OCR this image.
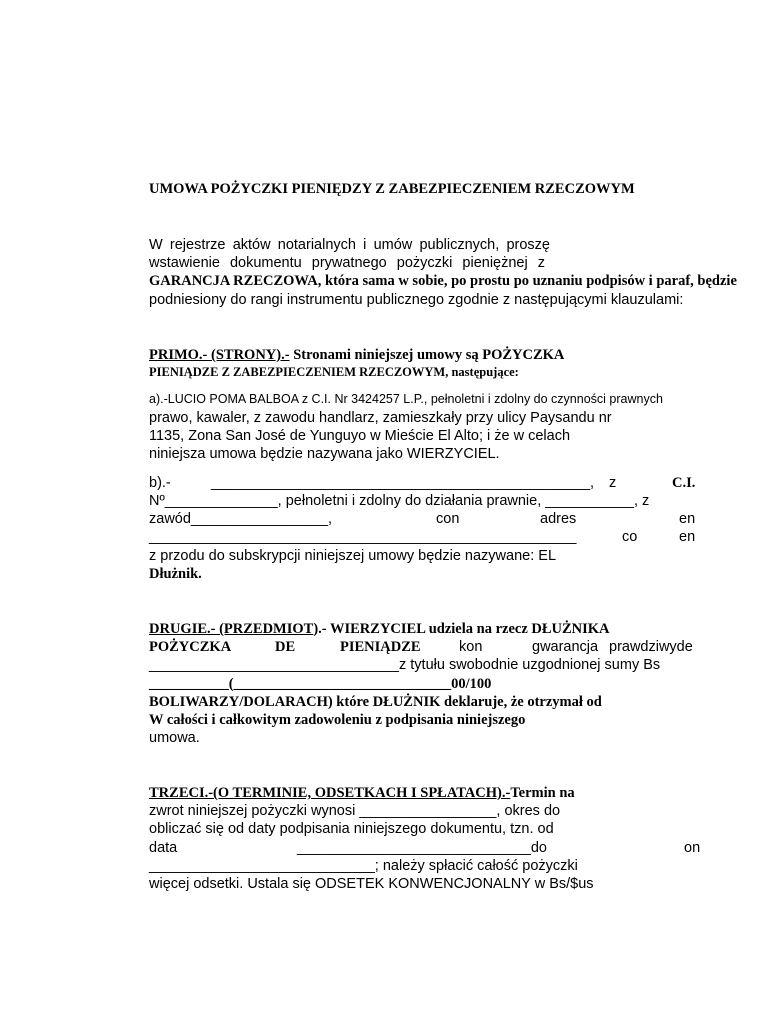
UMOWA POŻYCZKI PIENIĘDZY Z ZABEZPIECZENIEM RZECZOWYM
W rejestrze aktów notarialnych i umów publicznych, proszę
wstawienie dokumentu prywatnego pożyczki pieniężnej z
GARANCJA RZECZOWA, która sama w sobie, po prostu po uznaniu podpisów i paraf, będzie
podniesiony do rangi instrumentu publicznego zgodnie z następującymi klauzulami:
PRIMO.- (STRONY).- Stronami niniejszej umowy są POŻYCZKA
PIENIĄDZE Z ZABEZPIECZENIEM RZECZOWYM, następujące:
a).-LUCIO POMA BALBOA z C.I. Nr 3424257 L.P., pełnoletni i zdolny do czynności prawnych
prawo, kawaler, z zawodu handlarz, zamieszkały przy ulicy Paysandu nr
1135, Zona San José de Yunguyo w Mieście El Alto; i że w celach
niniejsza umowa będzie nazywana jako WIERZYCIEL.
b).-	_______________________________________________, z	C.I.
Nº______________, pełnoletni i zdolny do działania prawnie, ___________, z
zawód_________________,	con	adres	en
_____________________________________________________	co	en
z przodu do subskrypcji niniejszej umowy będzie nazywane: EL
Dłużnik.
DRUGIE.- (PRZEDMIOT).- WIERZYCIEL udziela na rzecz DŁUŻNIKA
POŻYCZKA	DE	PIENIĄDZE	kon	gwarancja prawdziwyde
_______________________________z tytułu swobodnie uzgodnionej sumy Bs
___________(______________________________00/100
BOLIWARZY/DOLARACH) które DŁUŻNIK deklaruje, że otrzymał od
W całości i całkowitym zadowoleniu z podpisania niniejszego
umowa.
TRZECI.-(O TERMINIE, ODSETKACH I SPŁATACH).-Termin na
zwrot niniejszej pożyczki wynosi _________________, okres do
obliczać się od daty podpisania niniejszego dokumentu, tzn. od
data	_____________________________do	on
____________________________; należy spłacić całość pożyczki
więcej odsetki. Ustala się ODSETEK KONWENCJONALNY w Bs/$us
